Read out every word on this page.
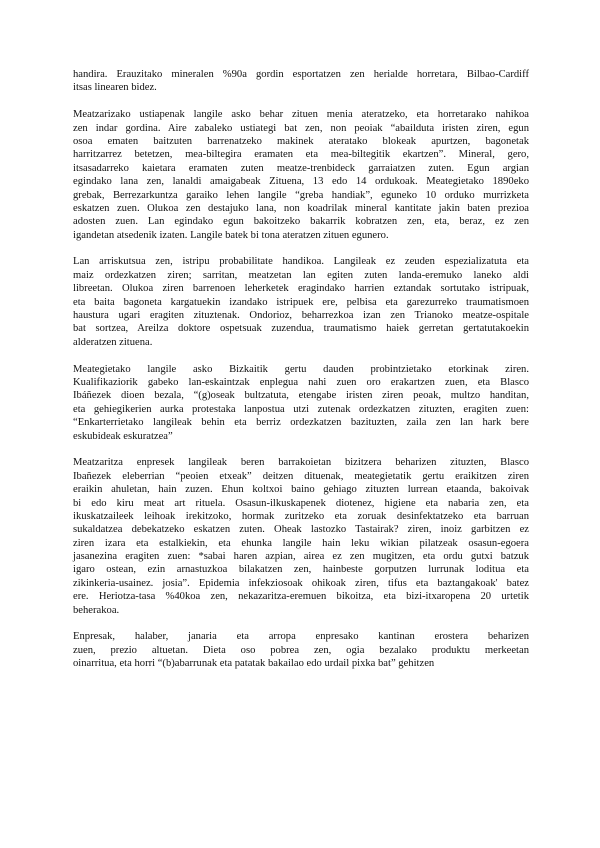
handira. Erauzitako mineralen %90a gordin esportatzen zen herialde horretara, Bilbao-Cardiff
itsas linearen bidez.
Meatzarizako ustiapenak langile asko behar zituen menia ateratzeko, eta horretarako nahikoa
zen indar gordina. Aire zabaleko ustiategi bat zen, non peoiak “abailduta iristen ziren, egun
osoa ematen baitzuten barrenatzeko makinek ateratako blokeak apurtzen, bagonetak
harritzarrez betetzen, mea-biltegira eramaten eta mea-biltegitik ekartzen”. Mineral, gero,
itsasadarreko kaietara eramaten zuten meatze-trenbideck garraiatzen zuten. Egun argian
egindako lana zen, lanaldi amaigabeak Zituena, 13 edo 14 ordukoak. Meategietako 1890eko
grebak, Berrezarkuntza garaiko lehen langile “greba handiak”, eguneko 10 orduko murrizketa
eskatzen zuen. Olukoa zen destajuko lana, non koadrilak mineral kantitate jakin baten prezioa
adosten zuen. Lan egindako egun bakoitzeko bakarrik kobratzen zen, eta, beraz, ez zen
igandetan atsedenik izaten. Langile batek bi tona ateratzen zituen egunero.
Lan arriskutsua zen, istripu probabilitate handikoa. Langileak ez zeuden espezializatuta eta
maiz ordezkatzen ziren; sarritan, meatzetan lan egiten zuten landa-eremuko laneko aldi
libreetan. Olukoa ziren barrenoen leherketek eragindako harrien eztandak sortutako istripuak,
eta baita bagoneta kargatuekin izandako istripuek ere, pelbisa eta garezurreko traumatismoen
haustura ugari eragiten zituztenak. Ondorioz, beharrezkoa izan zen Trianoko meatze-ospitale
bat sortzea, Areilza doktore ospetsuak zuzendua, traumatismo haiek gerretan gertatutakoekin
alderatzen zituena.
Meategietako langile asko Bizkaitik gertu dauden probintzietako etorkinak ziren.
Kualifikaziorik gabeko lan-eskaintzak enplegua nahi zuen oro erakartzen zuen, eta Blasco
Ibáñezek dioen bezala, “(g)oseak bultzatuta, etengabe iristen ziren peoak, multzo handitan,
eta gehiegikerien aurka protestaka lanpostua utzi zutenak ordezkatzen zituzten, eragiten zuen:
“Enkarterrietako langileak behin eta berriz ordezkatzen bazituzten, zaila zen lan hark bere
eskubideak eskuratzea”
Meatzaritza enpresek langileak beren barrakoietan bizitzera beharizen zituzten, Blasco
Ibañezek eleberrian “peoien etxeak” deitzen dituenak, meategietatik gertu eraikitzen ziren
eraikin ahuletan, hain zuzen. Ehun koltxoi baino gehiago zituzten lurrean etaanda, bakoivak
bi edo kiru meat art rituela. Osasun-ilkuskapenek diotenez, higiene eta nabaria zen, eta
ikuskatzaileek leihoak irekitzoko, hormak zuritzeko eta zoruak desinfektatzeko eta barruan
sukaldatzea debekatzeko eskatzen zuten. Oheak lastozko Tastairak? ziren, inoiz garbitzen ez
ziren izara eta estalkiekin, eta ehunka langile hain leku wikian pilatzeak osasun-egoera
jasanezina eragiten zuen: *sabai haren azpian, airea ez zen mugitzen, eta ordu gutxi batzuk
igaro ostean, ezin arnastuzkoa bilakatzen zen, hainbeste gorputzen lurrunak loditua eta
zikinkeria-usainez. josia”. Epidemia infekziosoak ohikoak ziren, tifus eta baztangakoak' batez
ere. Heriotza-tasa %40koa zen, nekazaritza-eremuen bikoitza, eta bizi-itxaropena 20 urtetik
beherakoa.
Enpresak, halaber, janaria eta arropa enpresako kantinan erostera beharizen
zuen, prezio altuetan. Dieta oso pobrea zen, ogia bezalako produktu merkeetan
oinarritua, eta horri “(b)abarrunak eta patatak bakailao edo urdail pixka bat” gehitzen
